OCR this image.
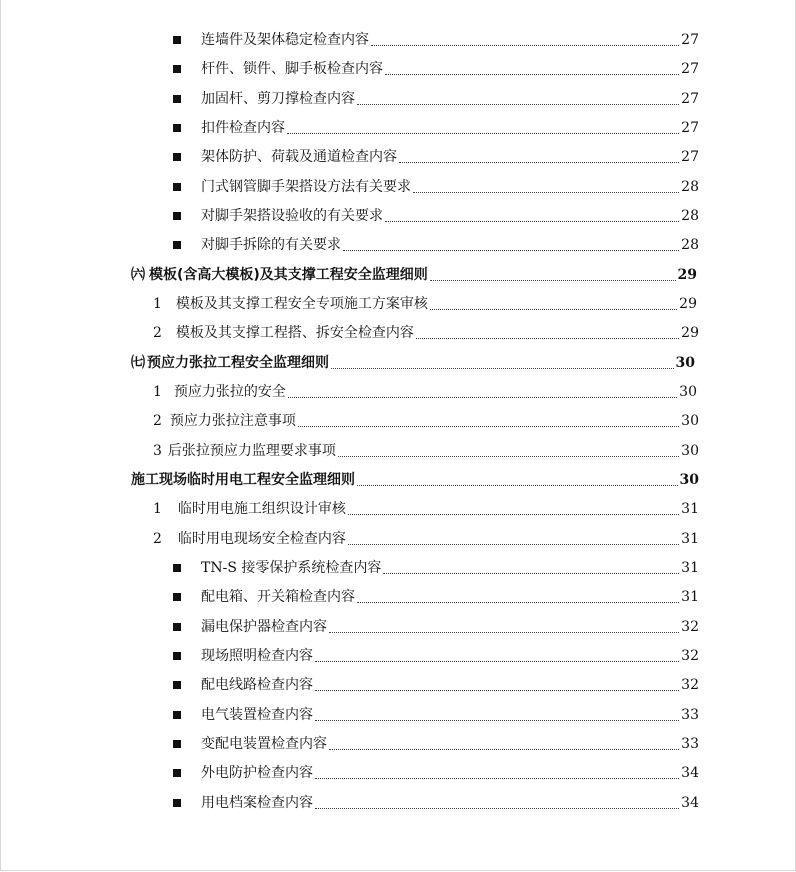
连墙件及架体稳定检查内容	27
杆件、锁件、脚手板检查内容	27
加固杆、剪刀撑检查内容	27
扣件检查内容	27
架体防护、荷载及通道检查内容	27
门式钢管脚手架搭设方法有关要求	28
对脚手架搭设验收的有关要求	28
对脚手拆除的有关要求	28
㈥ 模板(含高大模板)及其支撑工程安全监理细则	29
1 模板及其支撑工程安全专项施工方案审核	29
2 模板及其支撑工程搭、拆安全检查内容	29
㈦ 预应力张拉工程安全监理细则	30
1 预应力张拉的安全	30
2 预应力张拉注意事项	30
3 后张拉预应力监理要求事项	30
施工现场临时用电工程安全监理细则	30
1 临时用电施工组织设计审核	31
2 临时用电现场安全检查内容	31
TN-S 接零保护系统检查内容	31
配电箱、开关箱检查内容	31
漏电保护器检查内容	32
现场照明检查内容	32
配电线路检查内容	32
电气装置检查内容	33
变配电装置检查内容	33
外电防护检查内容	34
用电档案检查内容	34
